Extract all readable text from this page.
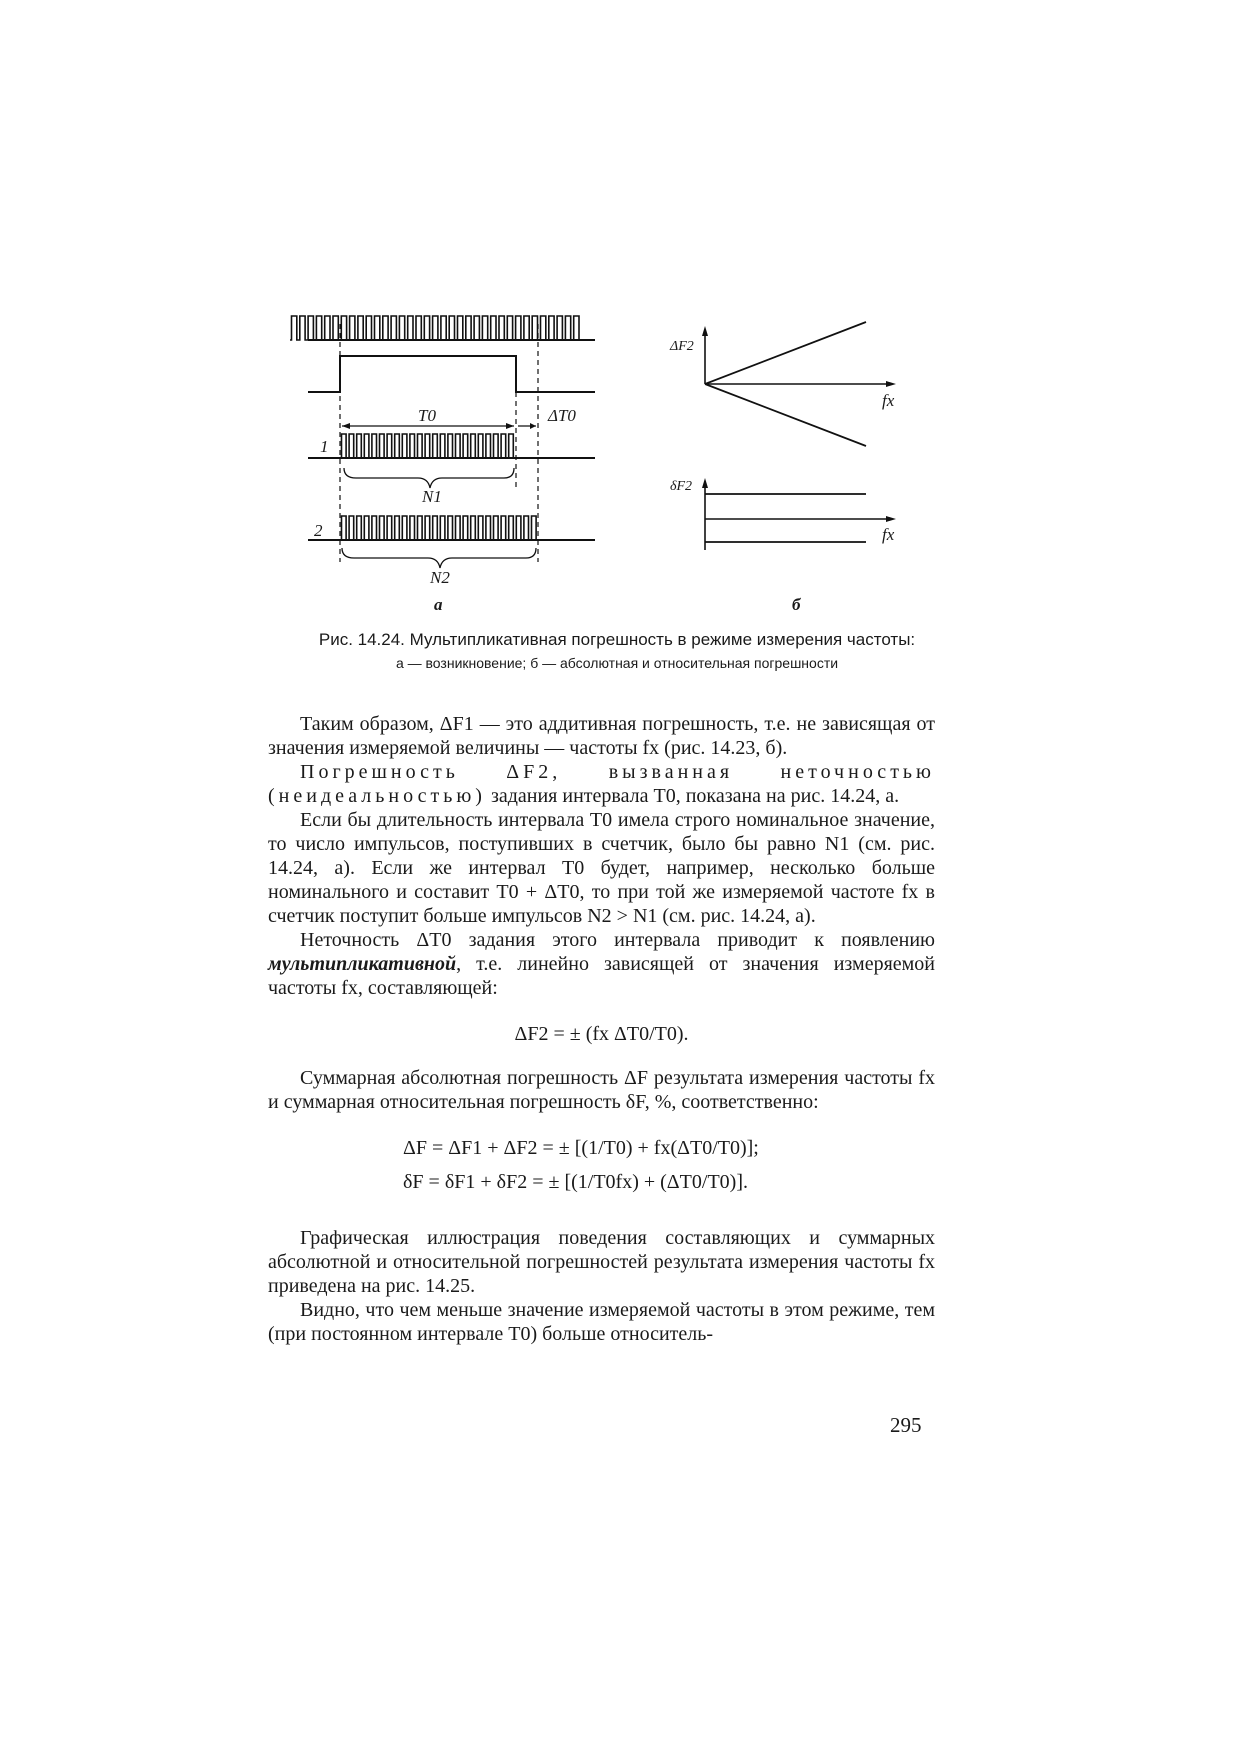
T0	ΔT0
1
N1
2
N2
а
ΔF2
fx
δF2
fx
б
Рис. 14.24. Мультипликативная погрешность в режиме измерения частоты:
а — возникновение; б — абсолютная и относительная погрешности

Таким образом, ΔF1 — это аддитивная погрешность, т.е. не зависящая от значения измеряемой величины — частоты fx (рис. 14.23, б).

Погрешность ΔF2, вызванная неточностью (неидеальностью) задания интервала T0, показана на рис. 14.24, а.

Если бы длительность интервала T0 имела строго номинальное значение, то число импульсов, поступивших в счетчик, было бы равно N1 (см. рис. 14.24, а). Если же интервал T0 будет, например, несколько больше номинального и составит T0 + ΔT0, то при той же измеряемой частоте fx в счетчик поступит больше импульсов N2 > N1 (см. рис. 14.24, а).

Неточность ΔT0 задания этого интервала приводит к появлению мультипликативной, т.е. линейно зависящей от значения измеряемой частоты fx, составляющей:

ΔF2 = ± (fx ΔT0/T0).

Суммарная абсолютная погрешность ΔF результата измерения частоты fx и суммарная относительная погрешность δF, %, соответственно:

ΔF = ΔF1 + ΔF2 = ± [(1/T0) + fx(ΔT0/T0)];
δF = δF1 + δF2 = ± [(1/T0fx) + (ΔT0/T0)].

Графическая иллюстрация поведения составляющих и суммарных абсолютной и относительной погрешностей результата измерения частоты fx приведена на рис. 14.25.

Видно, что чем меньше значение измеряемой частоты в этом режиме, тем (при постоянном интервале T0) больше относитель-

295
